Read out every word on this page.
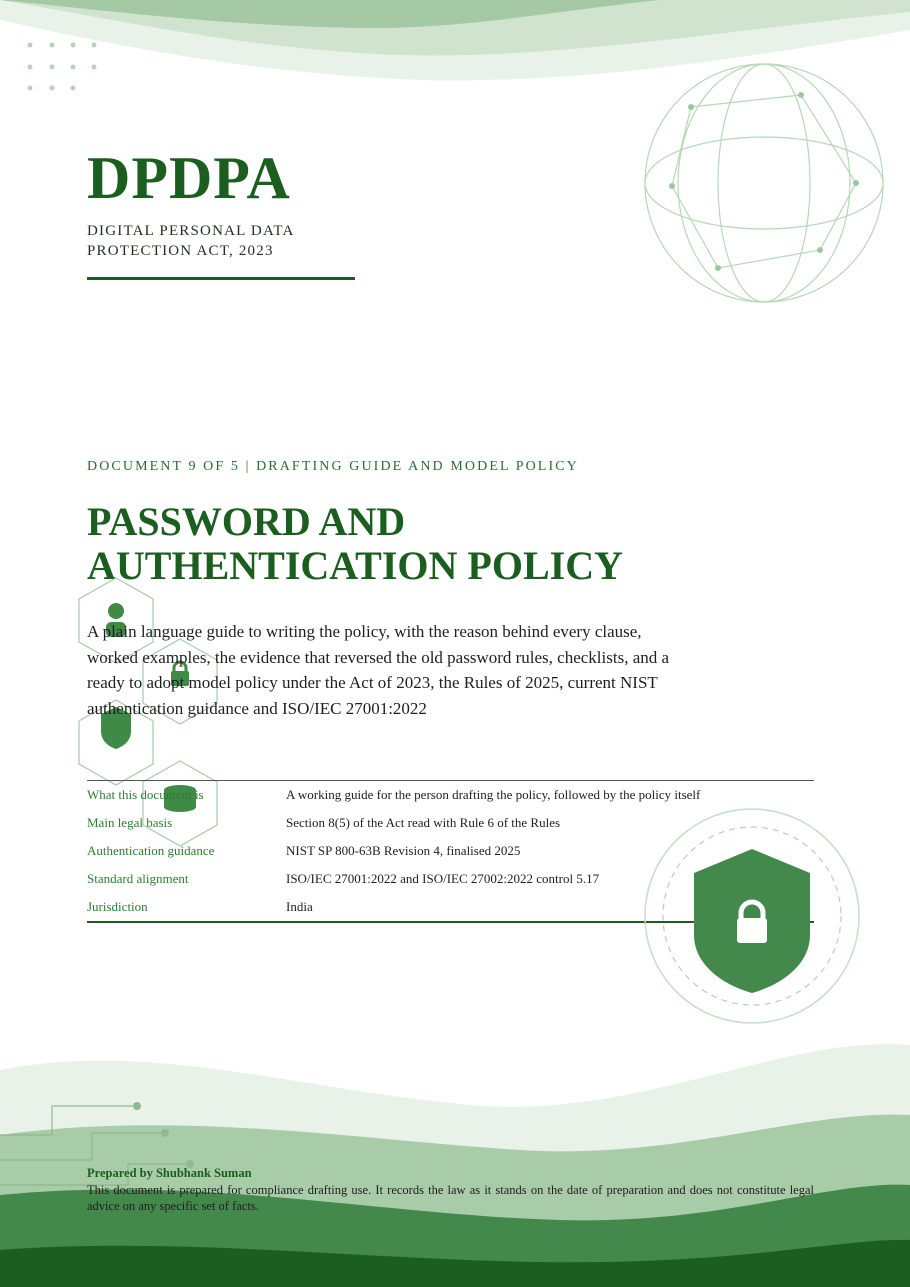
DPDPA
DIGITAL PERSONAL DATA PROTECTION ACT, 2023
DOCUMENT 9 OF 5 | DRAFTING GUIDE AND MODEL POLICY
PASSWORD AND AUTHENTICATION POLICY
A plain language guide to writing the policy, with the reason behind every clause, worked examples, the evidence that reversed the old password rules, checklists, and a ready to adopt model policy under the Act of 2023, the Rules of 2025, current NIST authentication guidance and ISO/IEC 27001:2022
What this document is	A working guide for the person drafting the policy, followed by the policy itself
Main legal basis	Section 8(5) of the Act read with Rule 6 of the Rules
Authentication guidance	NIST SP 800-63B Revision 4, finalised 2025
Standard alignment	ISO/IEC 27001:2022 and ISO/IEC 27002:2022 control 5.17
Jurisdiction	India
Prepared by Shubhank Suman
This document is prepared for compliance drafting use. It records the law as it stands on the date of preparation and does not constitute legal advice on any specific set of facts.
